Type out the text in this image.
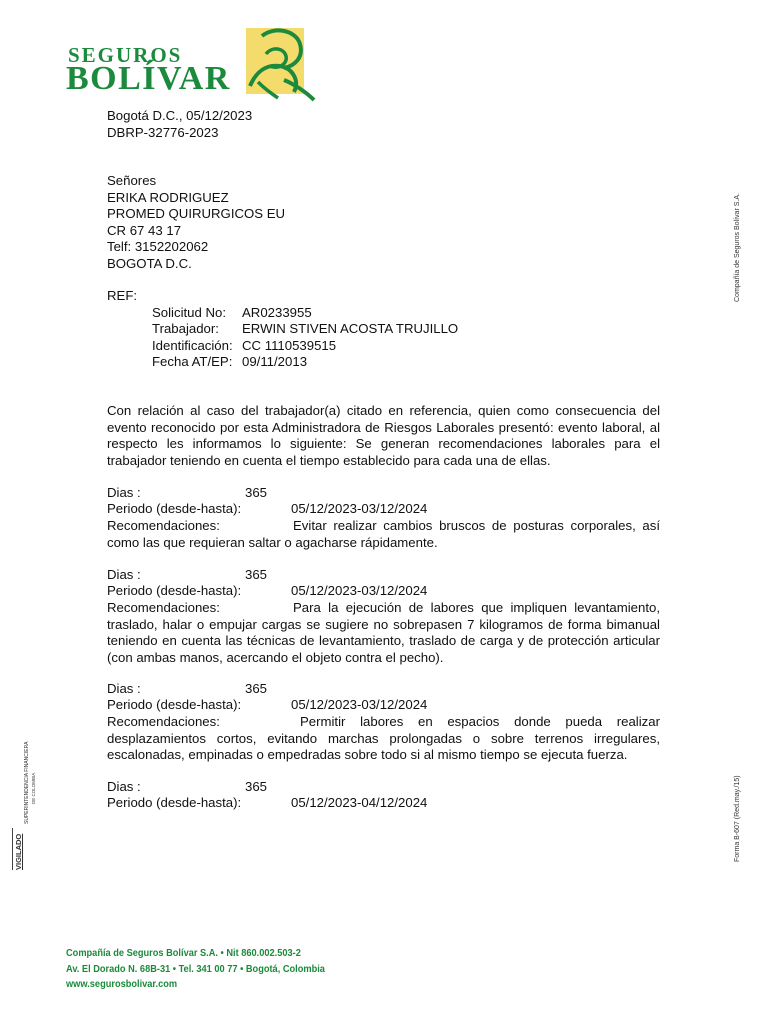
SEGUROS
BOLÍVAR
Bogotá D.C., 05/12/2023
DBRP-32776-2023
Señores
ERIKA RODRIGUEZ
PROMED QUIRURGICOS EU
CR 67 43 17
Telf: 3152202062
BOGOTA D.C.
REF:
Solicitud No: AR0233955
Trabajador: ERWIN STIVEN ACOSTA TRUJILLO
Identificación: CC 1110539515
Fecha AT/EP: 09/11/2013
Con relación al caso del trabajador(a) citado en referencia, quien como consecuencia del evento reconocido por esta Administradora de Riesgos Laborales presentó: evento laboral, al respecto les informamos lo siguiente: Se generan recomendaciones laborales para el trabajador teniendo en cuenta el tiempo establecido para cada una de ellas.
Dias :	365
Periodo (desde-hasta):	05/12/2023-03/12/2024
Recomendaciones:	Evitar realizar cambios bruscos de posturas corporales, así como las que requieran saltar o agacharse rápidamente.
Dias :	365
Periodo (desde-hasta):	05/12/2023-03/12/2024
Recomendaciones:	Para la ejecución de labores que impliquen levantamiento, traslado, halar o empujar cargas se sugiere no sobrepasen 7 kilogramos de forma bimanual teniendo en cuenta las técnicas de levantamiento, traslado de carga y de protección articular (con ambas manos, acercando el objeto contra el pecho).
Dias :	365
Periodo (desde-hasta):	05/12/2023-03/12/2024
Recomendaciones:	Permitir labores en espacios donde pueda realizar desplazamientos cortos, evitando marchas prolongadas o sobre terrenos irregulares, escalonadas, empinadas o empedradas sobre todo si al mismo tiempo se ejecuta fuerza.
Dias :	365
Periodo (desde-hasta):	05/12/2023-04/12/2024
Compañía de Seguros Bolívar S.A.
Forma B-607 (Red.may./15)
VIGILADO
SUPERINTENDENCIA FINANCIERA DE COLOMBIA
Compañía de Seguros Bolívar S.A. • Nit 860.002.503-2
Av. El Dorado N. 68B-31 • Tel. 341 00 77 • Bogotá, Colombia
www.segurosbolivar.com
